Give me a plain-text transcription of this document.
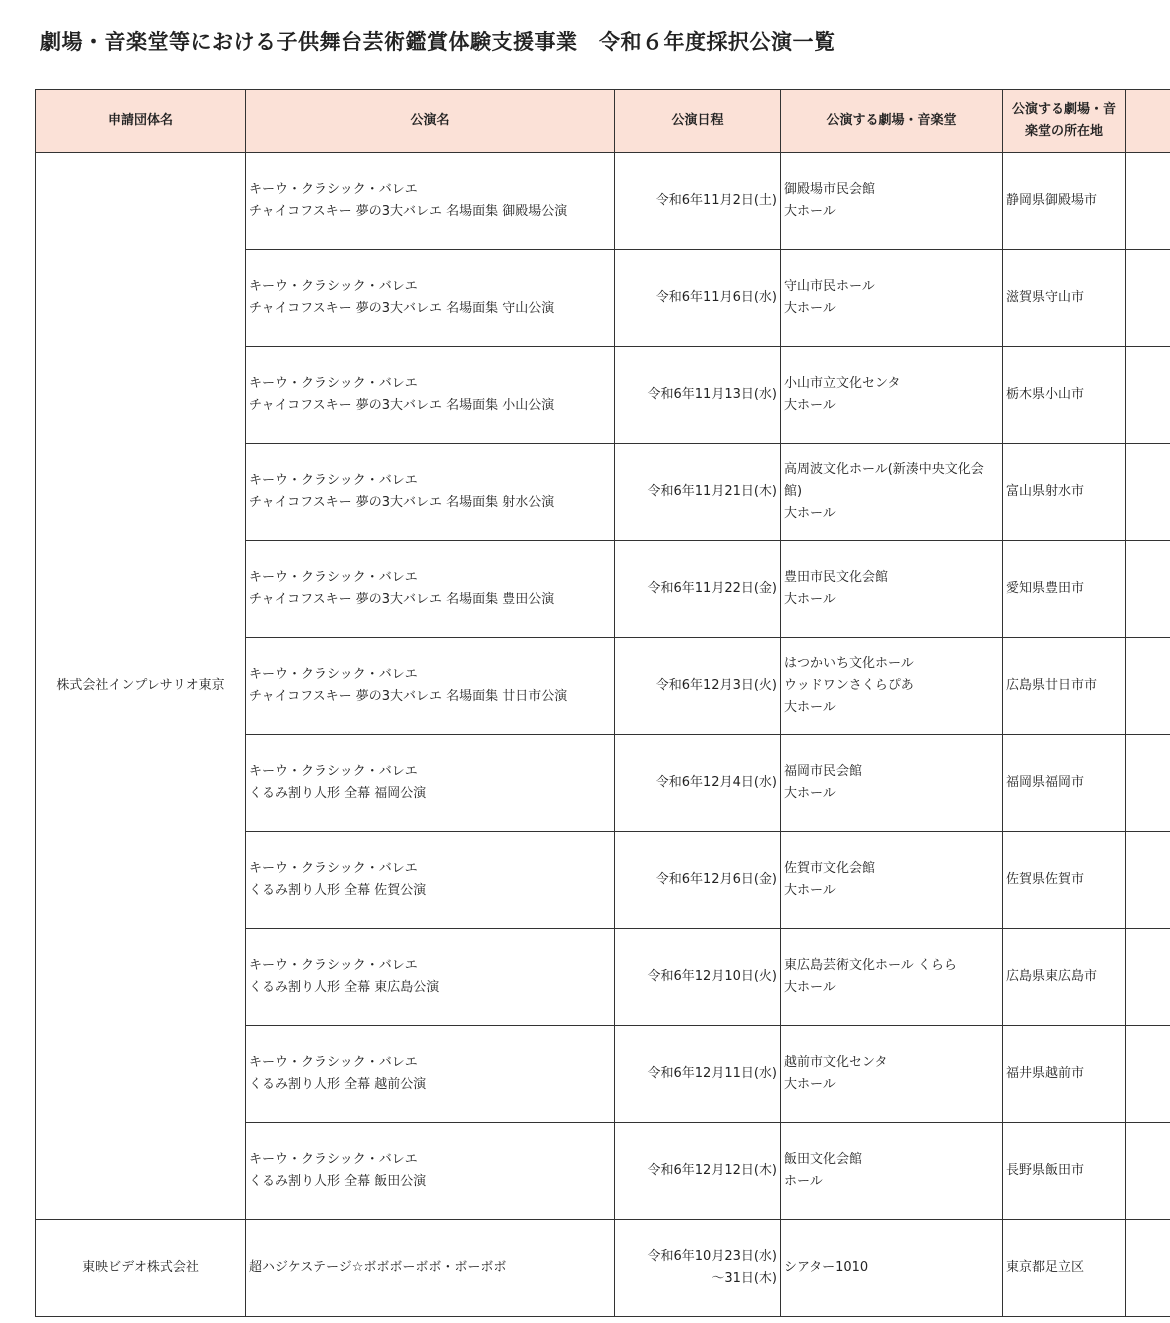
劇場・音楽堂等における子供舞台芸術鑑賞体験支援事業　令和６年度採択公演一覧
申請団体名	公演名	公演日程	公演する劇場・音楽堂	公演する劇場・音
楽堂の所在地	

株式会社インプレサリオ東京	キーウ・クラシック・バレエ
チャイコフスキー 夢の3大バレエ 名場面集 御殿場公演	令和6年11月2日(土)	御殿場市民会館
大ホール	静岡県御殿場市	

	キーウ・クラシック・バレエ
チャイコフスキー 夢の3大バレエ 名場面集 守山公演	令和6年11月6日(水)	守山市民ホール
大ホール	滋賀県守山市	

	キーウ・クラシック・バレエ
チャイコフスキー 夢の3大バレエ 名場面集 小山公演	令和6年11月13日(水)	小山市立文化センタ
大ホール	栃木県小山市	

	キーウ・クラシック・バレエ
チャイコフスキー 夢の3大バレエ 名場面集 射水公演	令和6年11月21日(木)	高周波文化ホール(新湊中央文化会
館)
大ホール	富山県射水市	

	キーウ・クラシック・バレエ
チャイコフスキー 夢の3大バレエ 名場面集 豊田公演	令和6年11月22日(金)	豊田市民文化会館
大ホール	愛知県豊田市	

	キーウ・クラシック・バレエ
チャイコフスキー 夢の3大バレエ 名場面集 廿日市公演	令和6年12月3日(火)	はつかいち文化ホール
ウッドワンさくらぴあ
大ホール	広島県廿日市市	

	キーウ・クラシック・バレエ
くるみ割り人形 全幕 福岡公演	令和6年12月4日(水)	福岡市民会館
大ホール	福岡県福岡市	

	キーウ・クラシック・バレエ
くるみ割り人形 全幕 佐賀公演	令和6年12月6日(金)	佐賀市文化会館
大ホール	佐賀県佐賀市	

	キーウ・クラシック・バレエ
くるみ割り人形 全幕 東広島公演	令和6年12月10日(火)	東広島芸術文化ホール くらら
大ホール	広島県東広島市	

	キーウ・クラシック・バレエ
くるみ割り人形 全幕 越前公演	令和6年12月11日(水)	越前市文化センタ
大ホール	福井県越前市	

	キーウ・クラシック・バレエ
くるみ割り人形 全幕 飯田公演	令和6年12月12日(木)	飯田文化会館
ホール	長野県飯田市	
東映ビデオ株式会社	超ハジケステージ☆ボボボーボボ・ボーボボ	令和6年10月23日(水)
～31日(木)	シアター1010	東京都足立区	
